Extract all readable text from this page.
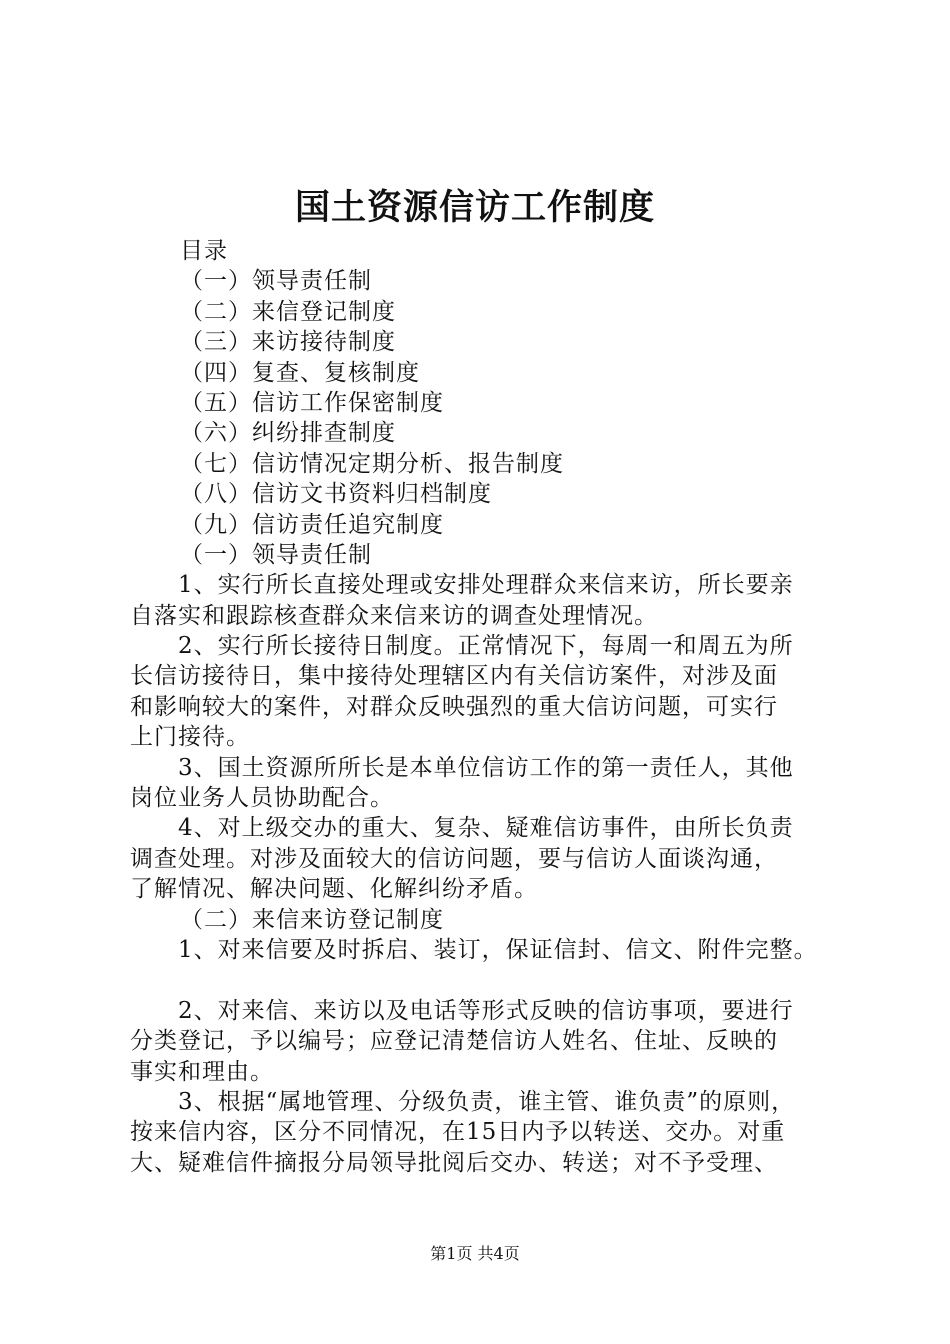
国土资源信访工作制度
目录
（一）领导责任制
（二）来信登记制度
（三）来访接待制度
（四）复查、复核制度
（五）信访工作保密制度
（六）纠纷排查制度
（七）信访情况定期分析、报告制度
（八）信访文书资料归档制度
（九）信访责任追究制度
（一）领导责任制
　　1、实行所长直接处理或安排处理群众来信来访，所长要亲
自落实和跟踪核查群众来信来访的调查处理情况。
　　2、实行所长接待日制度。正常情况下，每周一和周五为所
长信访接待日，集中接待处理辖区内有关信访案件，对涉及面
和影响较大的案件，对群众反映强烈的重大信访问题，可实行
上门接待。
　　3、国土资源所所长是本单位信访工作的第一责任人，其他
岗位业务人员协助配合。
　　4、对上级交办的重大、复杂、疑难信访事件，由所长负责
调查处理。对涉及面较大的信访问题，要与信访人面谈沟通，
了解情况、解决问题、化解纠纷矛盾。
（二）来信来访登记制度
　　1、对来信要及时拆启、装订，保证信封、信文、附件完整。
　　2、对来信、来访以及电话等形式反映的信访事项，要进行
分类登记，予以编号；应登记清楚信访人姓名、住址、反映的
事实和理由。
　　3、根据“属地管理、分级负责，谁主管、谁负责”的原则，
按来信内容，区分不同情况，在15日内予以转送、交办。对重
大、疑难信件摘报分局领导批阅后交办、转送；对不予受理、
第1页 共4页
